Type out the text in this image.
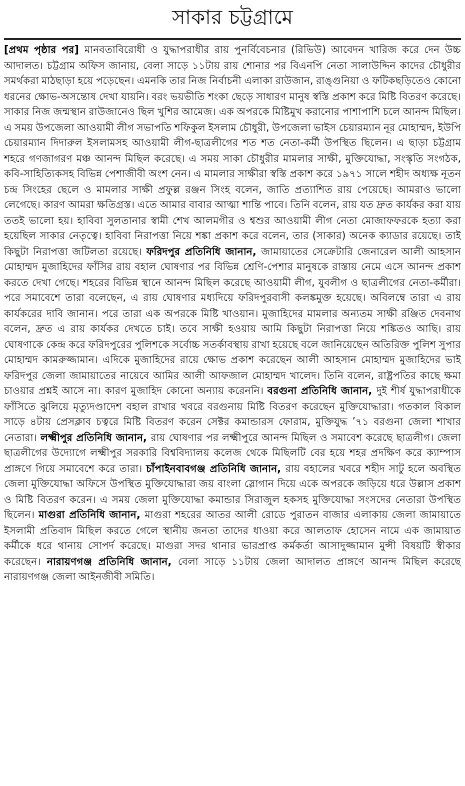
সাকার চট্টগ্রামে
[প্রথম পৃষ্ঠার পর] মানবতাবিরোধী ও যুদ্ধাপরাধীর রায় পুনর্বিবেচনার (রিভিউ) আবেদন খারিজ করে দেন উচ্চ আদালত। চট্টগ্রাম অফিস জানায়, বেলা সাড়ে ১১টায় রায় শোনার পর বিএনপি নেতা সালাউদ্দিন কাদের চৌধুরীর সমর্থকরা মাঠছাড়া হয়ে পড়েছেন। এমনকি তার নিজ নির্বাচনী এলাকা রাউজান, রাঙ্গুনিয়া ও ফটিকছড়িতেও কোনো ধরনের ক্ষোভ-অসন্তোষ দেখা যায়নি। বরং ভয়ভীতি শংকা ছেড়ে সাধারণ মানুষ স্বস্তি প্রকাশ করে মিষ্টি বিতরণ করেছে। সাকার নিজ জন্মস্থান রাউজানেও ছিল খুশির আমেজ। এক অপরকে মিষ্টিমুখ করানোর পাশাপাশি চলে আনন্দ মিছিল। এ সময় উপজেলা আওয়ামী লীগ সভাপতি শফিকুল ইসলাম চৌধুরী, উপজেলা ভাইস চেয়ারম্যান নূর মোহাম্মদ, ইউপি চেয়ারম্যান দিদারুল ইসলামসহ আওয়ামী লীগ-ছাত্রলীগের শত শত নেতা-কর্মী উপস্থিত ছিলেন। এ ছাড়া চট্টগ্রাম শহরে গণজাগরণ মঞ্চ আনন্দ মিছিল করেছে। এ সময় সাকা চৌধুরীর মামলার সাক্ষী, মুক্তিযোদ্ধা, সংস্কৃতি সংগঠক, কবি-সাহিত্যিকসহ বিভিন্ন পেশাজীবী অংশ নেন। এ মামলার সাক্ষীরা স্বস্তি প্রকাশ করে ১৯৭১ সালে শহীদ অধ্যক্ষ নূতন চন্দ্র সিংহের ছেলে ও মামলার সাক্ষী প্রফুল্ল রঞ্জন সিংহ বলেন, জাতি প্রত্যাশিত রায় পেয়েছে। আমরাও ভালো লেগেছে। কারণ আমরা ক্ষতিগ্রস্ত। এতে আমার বাবার আত্মা শান্তি পাবে। তিনি বলেন, রায় যত দ্রুত কার্যকর করা যায় ততই ভালো হয়। হাবিবা সুলতানার স্বামী শেখ আলমগীর ও শ্বশুর আওয়ামী লীগ নেতা মোজাফফরকে হত্যা করা হয়েছিল সাকার নেতৃত্বে। হাবিবা নিরাপত্তা নিয়ে শঙ্কা প্রকাশ করে বলেন, তার (সাকার) অনেক ক্যাডার রয়েছে। তাই কিছুটা নিরাপত্তা জটিলতা রয়েছে। ফরিদপুর প্রতিনিধি জানান, জামায়াতের সেক্রেটারি জেনারেল আলী আহসান মোহাম্মদ মুজাহিদের ফাঁসির রায় বহাল ঘোষণার পর বিভিন্ন শ্রেণি-পেশার মানুষকে রাস্তায় নেমে এসে আনন্দ প্রকাশ করতে দেখা গেছে। শহরের বিভিন্ন স্থানে আনন্দ মিছিল করেছে আওয়ামী লীগ, যুবলীগ ও ছাত্রলীগের নেতা-কর্মীরা। পরে সমাবেশে তারা বলেছেন, এ রায় ঘোষণার মধ্যদিয়ে ফরিদপুরবাসী কলঙ্কমুক্ত হয়েছে। অবিলম্বে তারা এ রায় কার্যকরের দাবি জানান। পরে তারা এক অপরকে মিষ্টি খাওয়ান। মুজাহিদের মামলার অন্যতম সাক্ষী রঞ্জিত দেবনাথ বলেন, দ্রুত এ রায় কার্যকর দেখতে চাই। তবে সাক্ষী হওয়ায় আমি কিছুটা নিরাপত্তা নিয়ে শঙ্কিতও আছি। রায় ঘোষণাকে কেন্দ্র করে ফরিদপুরের পুলিশকে সর্বোচ্চ সতর্কাবস্থায় রাখা হয়েছে বলে জানিয়েছেন অতিরিক্ত পুলিশ সুপার মোহাম্মদ কামরুজ্জামান। এদিকে মুজাহিদের রায়ে ক্ষোভ প্রকাশ করেছেন আলী আহসান মোহাম্মদ মুজাহিদের ভাই ফরিদপুর জেলা জামায়াতের নায়েবে আমির আলী আফজাল মোহাম্মদ খালেদ। তিনি বলেন, রাষ্ট্রপতির কাছে ক্ষমা চাওয়ার প্রশ্নই আসে না। কারণ মুজাহিদ কোনো অন্যায় করেননি। বরগুনা প্রতিনিধি জানান, দুই শীর্ষ যুদ্ধাপরাধীকে ফাঁসিতে ঝুলিয়ে মৃত্যুদণ্ডাদেশ বহাল রাখার খবরে বরগুনায় মিষ্টি বিতরণ করেছেন মুক্তিযোদ্ধারা। গতকাল বিকাল সাড়ে ৪টায় প্রেসক্লাব চত্বরে মিষ্টি বিতরণ করেন সেক্টর কমান্ডারস ফোরাম, মুক্তিযুদ্ধ ’৭১ বরগুনা জেলা শাখার নেতারা। লক্ষ্মীপুর প্রতিনিধি জানান, রায় ঘোষণার পর লক্ষ্মীপুরে আনন্দ মিছিল ও সমাবেশ করেছে ছাত্রলীগ। জেলা ছাত্রলীগের উদ্যোগে লক্ষ্মীপুর সরকারি বিশ্ববিদ্যালয় কলেজ থেকে মিছিলটি বের হয়ে শহর প্রদক্ষিণ করে ক্যাম্পাস প্রাঙ্গণে গিয়ে সমাবেশে করে তারা। চাঁপাইনবাবগঞ্জ প্রতিনিধি জানান, রায় বহালের খবরে শহীদ সাটু হলে অবস্থিত জেলা মুক্তিযোদ্ধা অফিসে উপস্থিত মুক্তিযোদ্ধারা জয় বাংলা স্লোগান দিয়ে একে অপরকে জড়িয়ে ধরে উল্লাস প্রকাশ ও মিষ্টি বিতরণ করেন। এ সময় জেলা মুক্তিযোদ্ধা কমান্ডার সিরাজুল হকসহ মুক্তিযোদ্ধা সংসদের নেতারা উপস্থিত ছিলেন। মাগুরা প্রতিনিধি জানান, মাগুরা শহরের আতর আলী রোডে পুরাতন বাজার এলাকায় জেলা জামায়াতে ইসলামী প্রতিবাদ মিছিল করতে গেলে স্থানীয় জনতা তাদের ধাওয়া করে আলতাফ হোসেন নামে এক জামায়াত কর্মীকে ধরে থানায় সোপর্দ করেছে। মাগুরা সদর থানার ভারপ্রাপ্ত কর্মকর্তা আসাদুজ্জামান মুন্সী বিষয়টি স্বীকার করেছেন। নারায়ণগঞ্জ প্রতিনিধি জানান, বেলা সাড়ে ১১টায় জেলা আদালত প্রাঙ্গণে আনন্দ মিছিল করেছে নারায়ণগঞ্জ জেলা আইনজীবী সমিতি।
